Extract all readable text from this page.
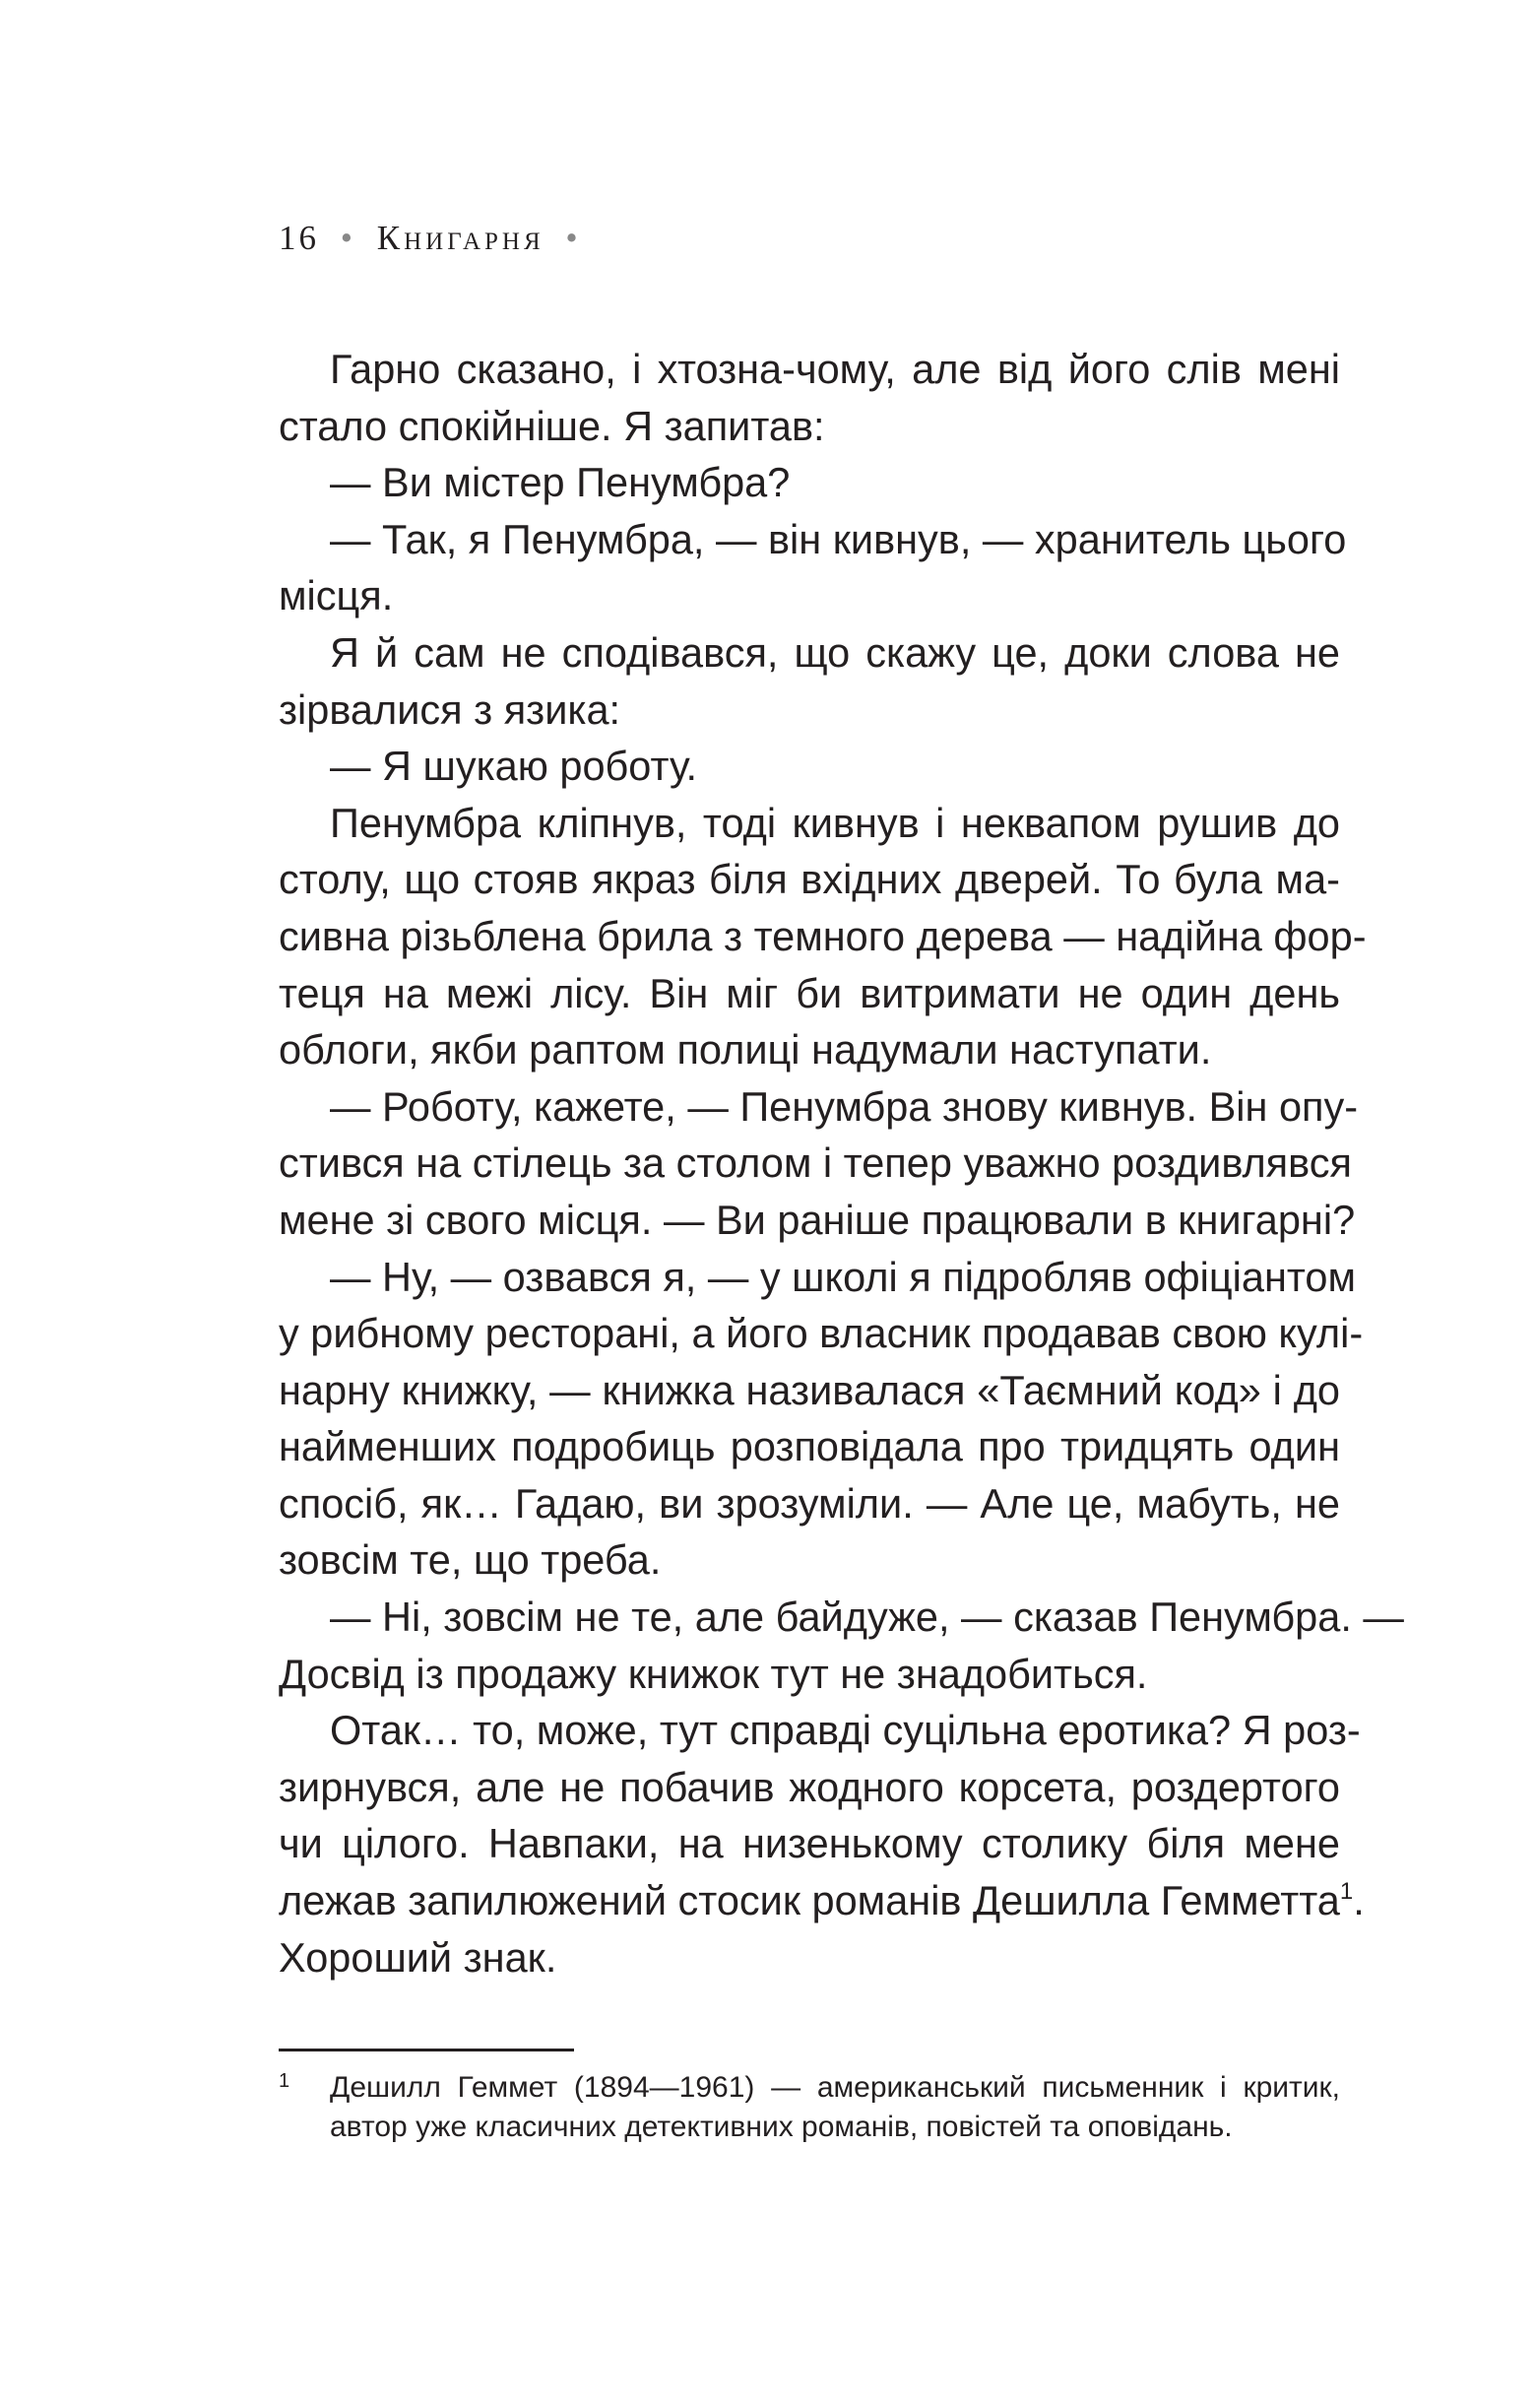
16 • Книгарня •
Гарно сказано, і хтозна-чому, але від його слів мені
стало спокійніше. Я запитав:
— Ви містер Пенумбра?
— Так, я Пенумбра, — він кивнув, — хранитель цього
місця.
Я й сам не сподівався, що скажу це, доки слова не
зірвалися з язика:
— Я шукаю роботу.
Пенумбра кліпнув, тоді кивнув і неквапом рушив до
столу, що стояв якраз біля вхідних дверей. То була ма-
сивна різьблена брила з темного дерева — надійна фор-
теця на межі лісу. Він міг би витримати не один день
облоги, якби раптом полиці надумали наступати.
— Роботу, кажете, — Пенумбра знову кивнув. Він опу-
стився на стілець за столом і тепер уважно роздивлявся
мене зі свого місця. — Ви раніше працювали в книгарні?
— Ну, — озвався я, — у школі я підробляв офіціантом
у рибному ресторані, а його власник продавав свою кулі-
нарну книжку, — книжка називалася «Таємний код» і до
найменших подробиць розповідала про тридцять один
спосіб, як… Гадаю, ви зрозуміли. — Але це, мабуть, не
зовсім те, що треба.
— Ні, зовсім не те, але байдуже, — сказав Пенумбра. —
Досвід із продажу книжок тут не знадобиться.
Отак… то, може, тут справді суцільна еротика? Я роз-
зирнувся, але не побачив жодного корсета, роздертого
чи цілого. Навпаки, на низенькому столику біля мене
лежав запилюжений стосик романів Дешилла Гемметта$^1$.
Хороший знак.
1	Дешилл Геммет (1894—1961) — американський письменник і критик,
автор уже класичних детективних романів, повістей та оповідань.
